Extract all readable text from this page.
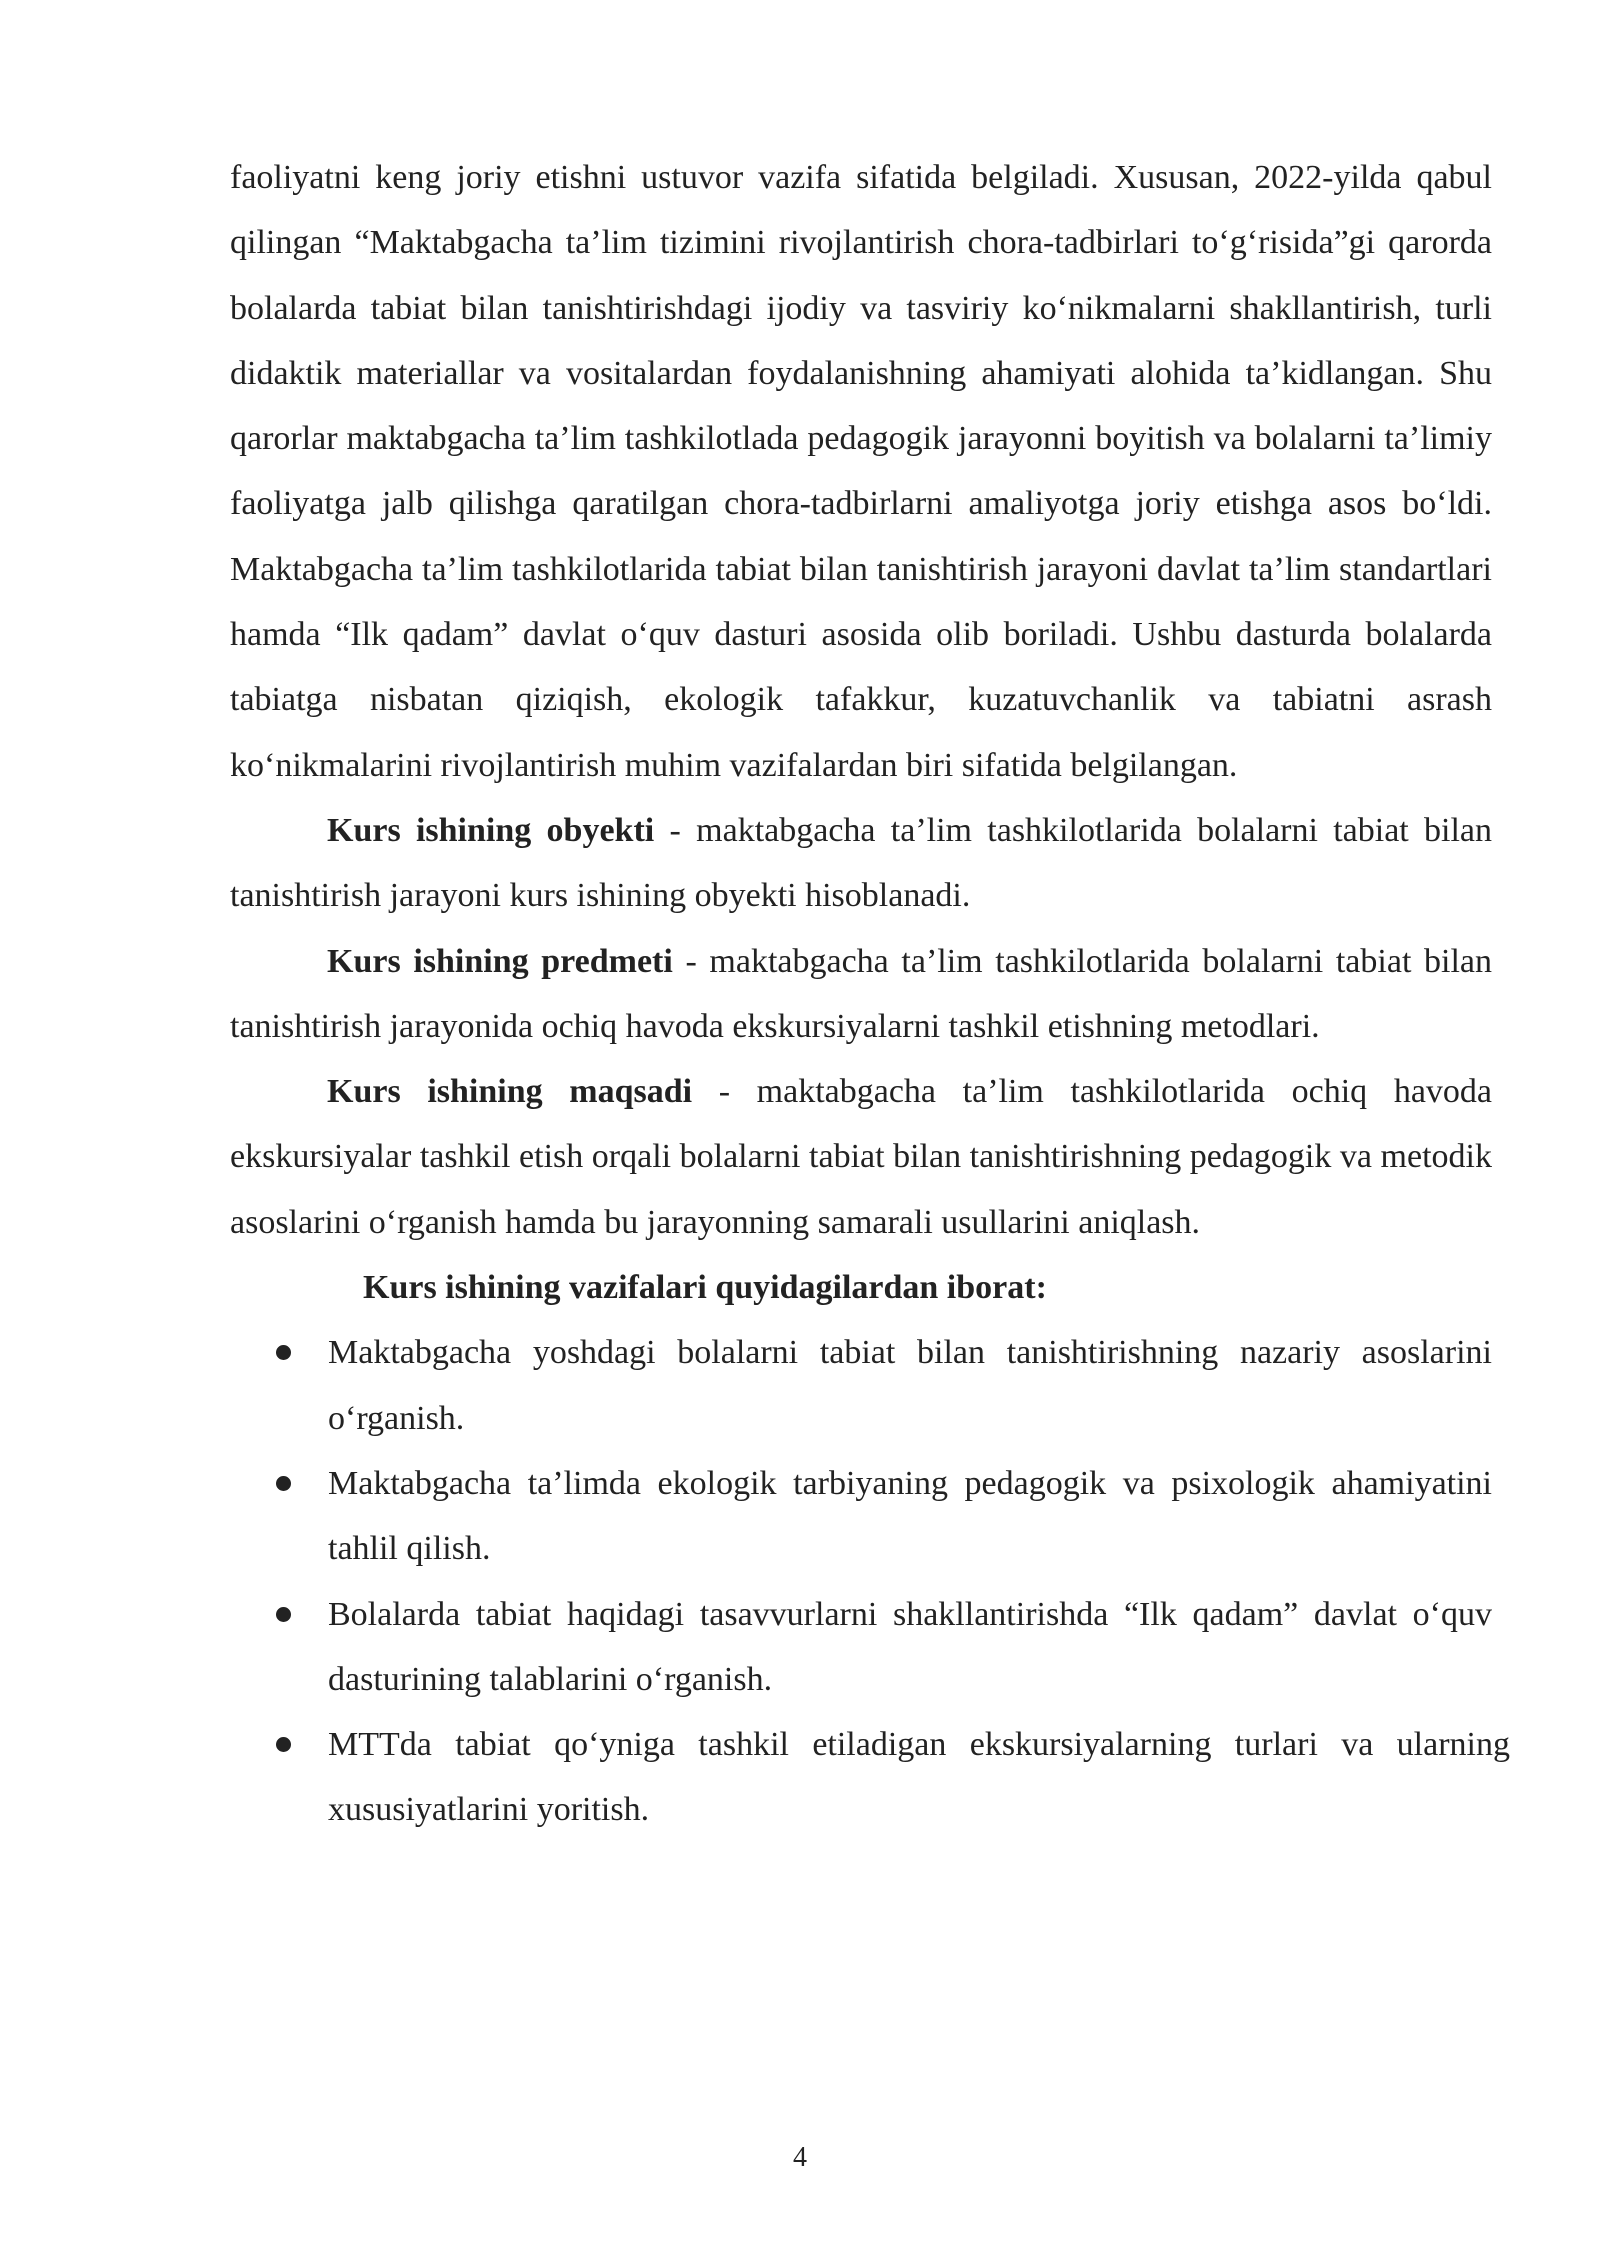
faoliyatni keng joriy etishni ustuvor vazifa sifatida belgiladi. Xususan, 2022-yilda qabul qilingan “Maktabgacha ta’lim tizimini rivojlantirish chora-tadbirlari to‘g‘risida”gi qarorda bolalarda tabiat bilan tanishtirishdagi ijodiy va tasviriy ko‘nikmalarni shakllantirish, turli didaktik materiallar va vositalardan foydalanishning ahamiyati alohida ta’kidlangan. Shu qarorlar maktabgacha ta’lim tashkilotlada pedagogik jarayonni boyitish va bolalarni ta’limiy faoliyatga jalb qilishga qaratilgan chora-tadbirlarni amaliyotga joriy etishga asos bo‘ldi. Maktabgacha ta’lim tashkilotlarida tabiat bilan tanishtirish jarayoni davlat ta’lim standartlari hamda “Ilk qadam” davlat o‘quv dasturi asosida olib boriladi. Ushbu dasturda bolalarda tabiatga nisbatan qiziqish, ekologik tafakkur, kuzatuvchanlik va tabiatni asrash ko‘nikmalarini rivojlantirish muhim vazifalardan biri sifatida belgilangan.

Kurs ishining obyekti - maktabgacha ta’lim tashkilotlarida bolalarni tabiat bilan tanishtirish jarayoni kurs ishining obyekti hisoblanadi.

Kurs ishining predmeti - maktabgacha ta’lim tashkilotlarida bolalarni tabiat bilan tanishtirish jarayonida ochiq havoda ekskursiyalarni tashkil etishning metodlari.

Kurs ishining maqsadi - maktabgacha ta’lim tashkilotlarida ochiq havoda ekskursiyalar tashkil etish orqali bolalarni tabiat bilan tanishtirishning pedagogik va metodik asoslarini o‘rganish hamda bu jarayonning samarali usullarini aniqlash.

Kurs ishining vazifalari quyidagilardan iborat:

Maktabgacha yoshdagi bolalarni tabiat bilan tanishtirishning nazariy asoslarini o‘rganish.
Maktabgacha ta’limda ekologik tarbiyaning pedagogik va psixologik ahamiyatini tahlil qilish.
Bolalarda tabiat haqidagi tasavvurlarni shakllantirishda “Ilk qadam” davlat o‘quv dasturining talablarini o‘rganish.
MTTda tabiat qo‘yniga tashkil etiladigan ekskursiyalarning turlari va ularning xususiyatlarini yoritish.
4
